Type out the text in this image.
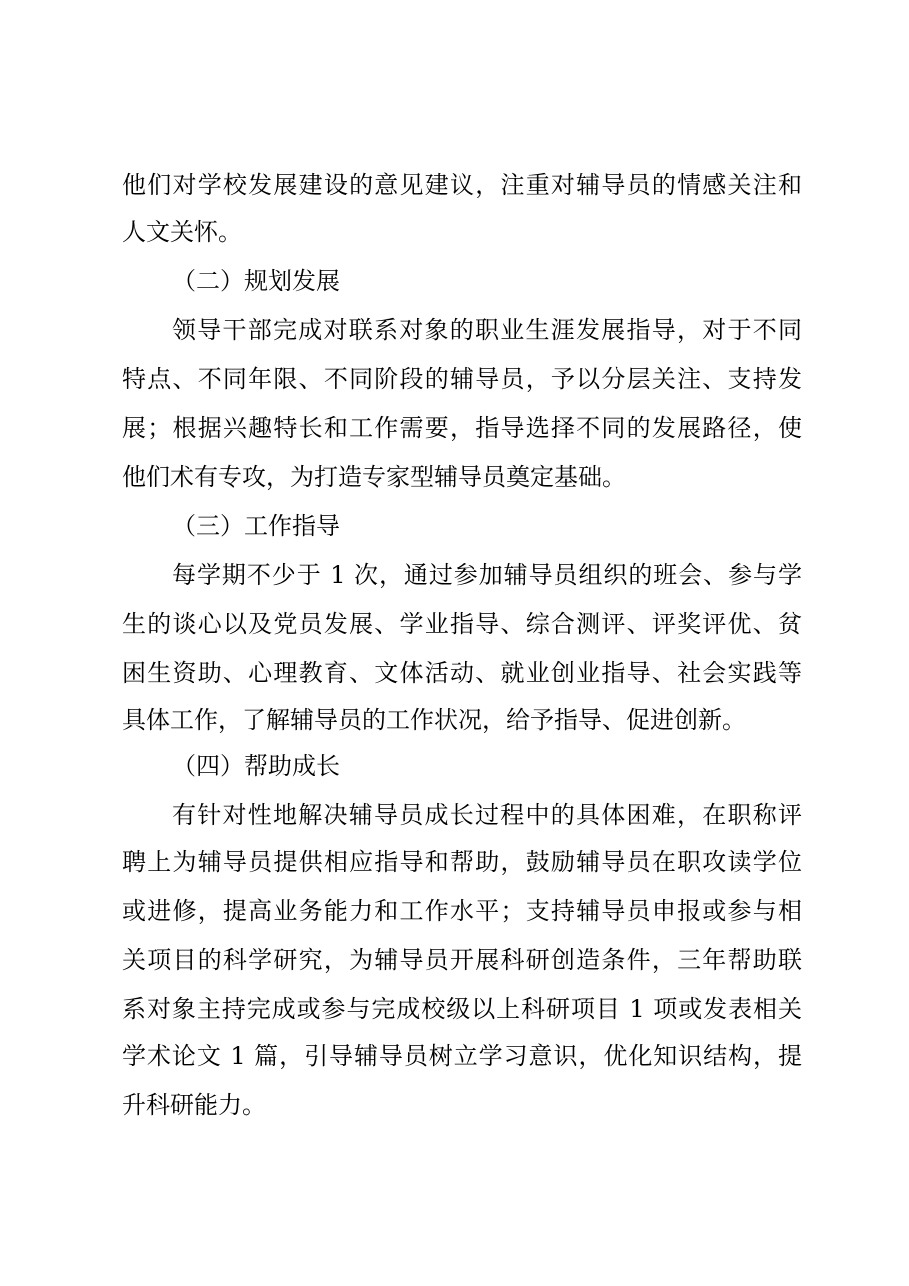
他们对学校发展建设的意见建议，注重对辅导员的情感关注和
人文关怀。
（二）规划发展
领导干部完成对联系对象的职业生涯发展指导，对于不同
特点、不同年限、不同阶段的辅导员，予以分层关注、支持发
展；根据兴趣特长和工作需要，指导选择不同的发展路径，使
他们术有专攻，为打造专家型辅导员奠定基础。
（三）工作指导
每学期不少于 1 次，通过参加辅导员组织的班会、参与学
生的谈心以及党员发展、学业指导、综合测评、评奖评优、贫
困生资助、心理教育、文体活动、就业创业指导、社会实践等
具体工作，了解辅导员的工作状况，给予指导、促进创新。
（四）帮助成长
有针对性地解决辅导员成长过程中的具体困难，在职称评
聘上为辅导员提供相应指导和帮助，鼓励辅导员在职攻读学位
或进修，提高业务能力和工作水平；支持辅导员申报或参与相
关项目的科学研究，为辅导员开展科研创造条件，三年帮助联
系对象主持完成或参与完成校级以上科研项目 1 项或发表相关
学术论文 1 篇，引导辅导员树立学习意识，优化知识结构，提
升科研能力。
